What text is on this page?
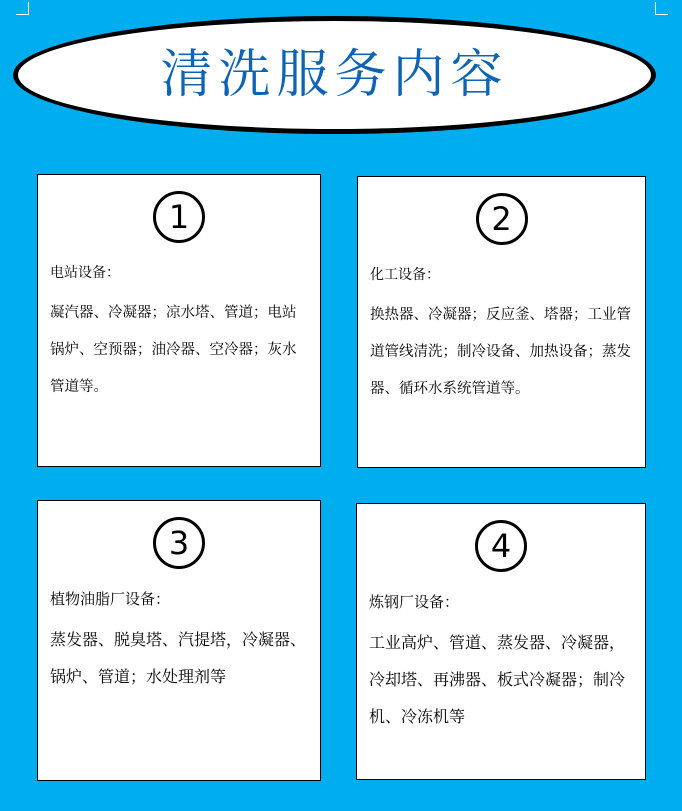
清洗服务内容
1

电站设备：

凝汽器、冷凝器；凉水塔、管道；电站锅炉、空预器；油冷器、空冷器；灰水管道等。

2

化工设备：

换热器、冷凝器；反应釜、塔器；工业管道管线清洗；制冷设备、加热设备；蒸发器、循环水系统管道等。

3

植物油脂厂设备：

蒸发器、脱臭塔、汽提塔，冷凝器、锅炉、管道；水处理剂等

4

炼钢厂设备：

工业高炉、管道、蒸发器、冷凝器，冷却塔、再沸器、板式冷凝器；制冷机、冷冻机等
